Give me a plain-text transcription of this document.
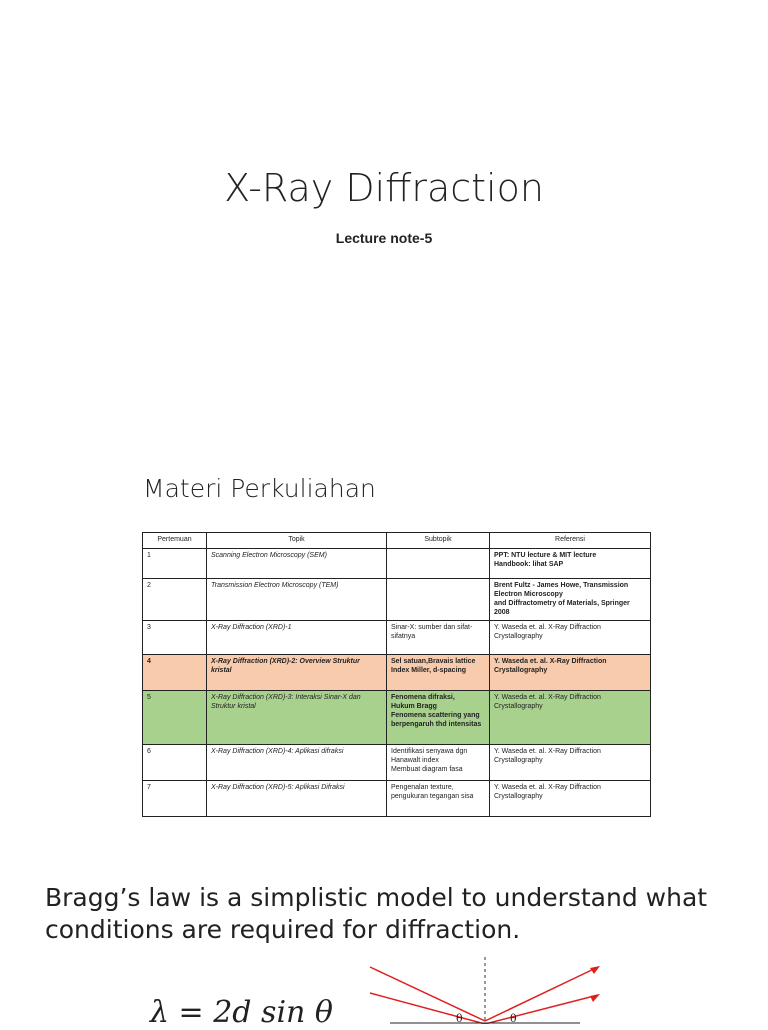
X-Ray Diffraction
Lecture note-5
Materi Perkuliahan
Pertemuan	Topik	Subtopik	Referensi
1	Scanning Electron Microscopy (SEM)		PPT: NTU lecture & MIT lecture
Handbook: lihat SAP
2	Transmission Electron Microscopy (TEM)		Brent Fultz - James Howe, Transmission Electron Microscopy
and Diffractometry of Materials, Springer 2008
3	X-Ray Diffraction (XRD)-1	Sinar-X: sumber dan sifat-sifatnya	Y. Waseda et. al. X-Ray Diffraction Crystallography
4	X-Ray Diffraction (XRD)-2: Overview Struktur kristal	Sel satuan,Bravais lattice
Index Miller, d-spacing	Y. Waseda et. al. X-Ray Diffraction Crystallography
5	X-Ray Diffraction (XRD)-3: Interaksi Sinar-X dan Struktur kristal	Fenomena difraksi,
Hukum Bragg
Fenomena scattering yang berpengaruh thd intensitas	Y. Waseda et. al. X-Ray Diffraction Crystallography
6	X-Ray Diffraction (XRD)-4: Aplikasi difraksi	Identifikasi senyawa dgn Hanawalt index
Membuat diagram fasa	Y. Waseda et. al. X-Ray Diffraction Crystallography
7	X-Ray Diffraction (XRD)-5: Aplikasi Difraksi	Pengenalan texture,
pengukuran tegangan sisa	Y. Waseda et. al. X-Ray Diffraction Crystallography
Bragg’s law is a simplistic model to understand what conditions are required for diffraction.
λ = 2d sin θ	θ	θ
